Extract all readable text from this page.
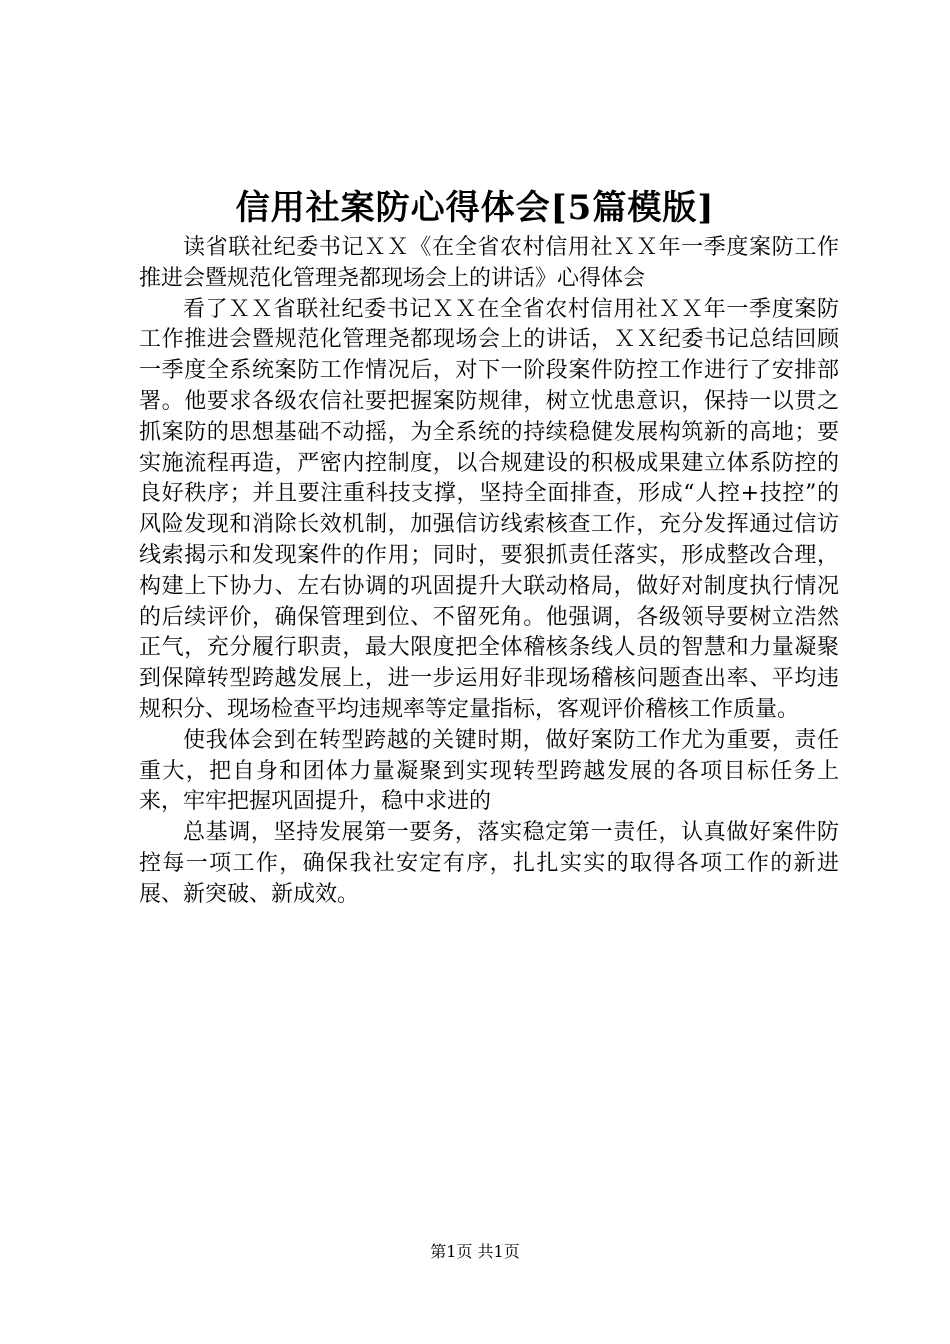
信用社案防心得体会[5篇模版]

读省联社纪委书记ＸＸ《在全省农村信用社ＸＸ年一季度案防工作推进会暨规范化管理尧都现场会上的讲话》心得体会

看了ＸＸ省联社纪委书记ＸＸ在全省农村信用社ＸＸ年一季度案防工作推进会暨规范化管理尧都现场会上的讲话，ＸＸ纪委书记总结回顾一季度全系统案防工作情况后，对下一阶段案件防控工作进行了安排部署。他要求各级农信社要把握案防规律，树立忧患意识，保持一以贯之抓案防的思想基础不动摇，为全系统的持续稳健发展构筑新的高地；要实施流程再造，严密内控制度，以合规建设的积极成果建立体系防控的良好秩序；并且要注重科技支撑，坚持全面排查，形成“人控+技控”的风险发现和消除长效机制，加强信访线索核查工作，充分发挥通过信访线索揭示和发现案件的作用；同时，要狠抓责任落实，形成整改合理，构建上下协力、左右协调的巩固提升大联动格局，做好对制度执行情况的后续评价，确保管理到位、不留死角。他强调，各级领导要树立浩然正气，充分履行职责，最大限度把全体稽核条线人员的智慧和力量凝聚到保障转型跨越发展上，进一步运用好非现场稽核问题查出率、平均违规积分、现场检查平均违规率等定量指标，客观评价稽核工作质量。

使我体会到在转型跨越的关键时期，做好案防工作尤为重要，责任重大，把自身和团体力量凝聚到实现转型跨越发展的各项目标任务上来，牢牢把握巩固提升，稳中求进的

总基调，坚持发展第一要务，落实稳定第一责任，认真做好案件防控每一项工作，确保我社安定有序，扎扎实实的取得各项工作的新进展、新突破、新成效。

第1页 共1页
